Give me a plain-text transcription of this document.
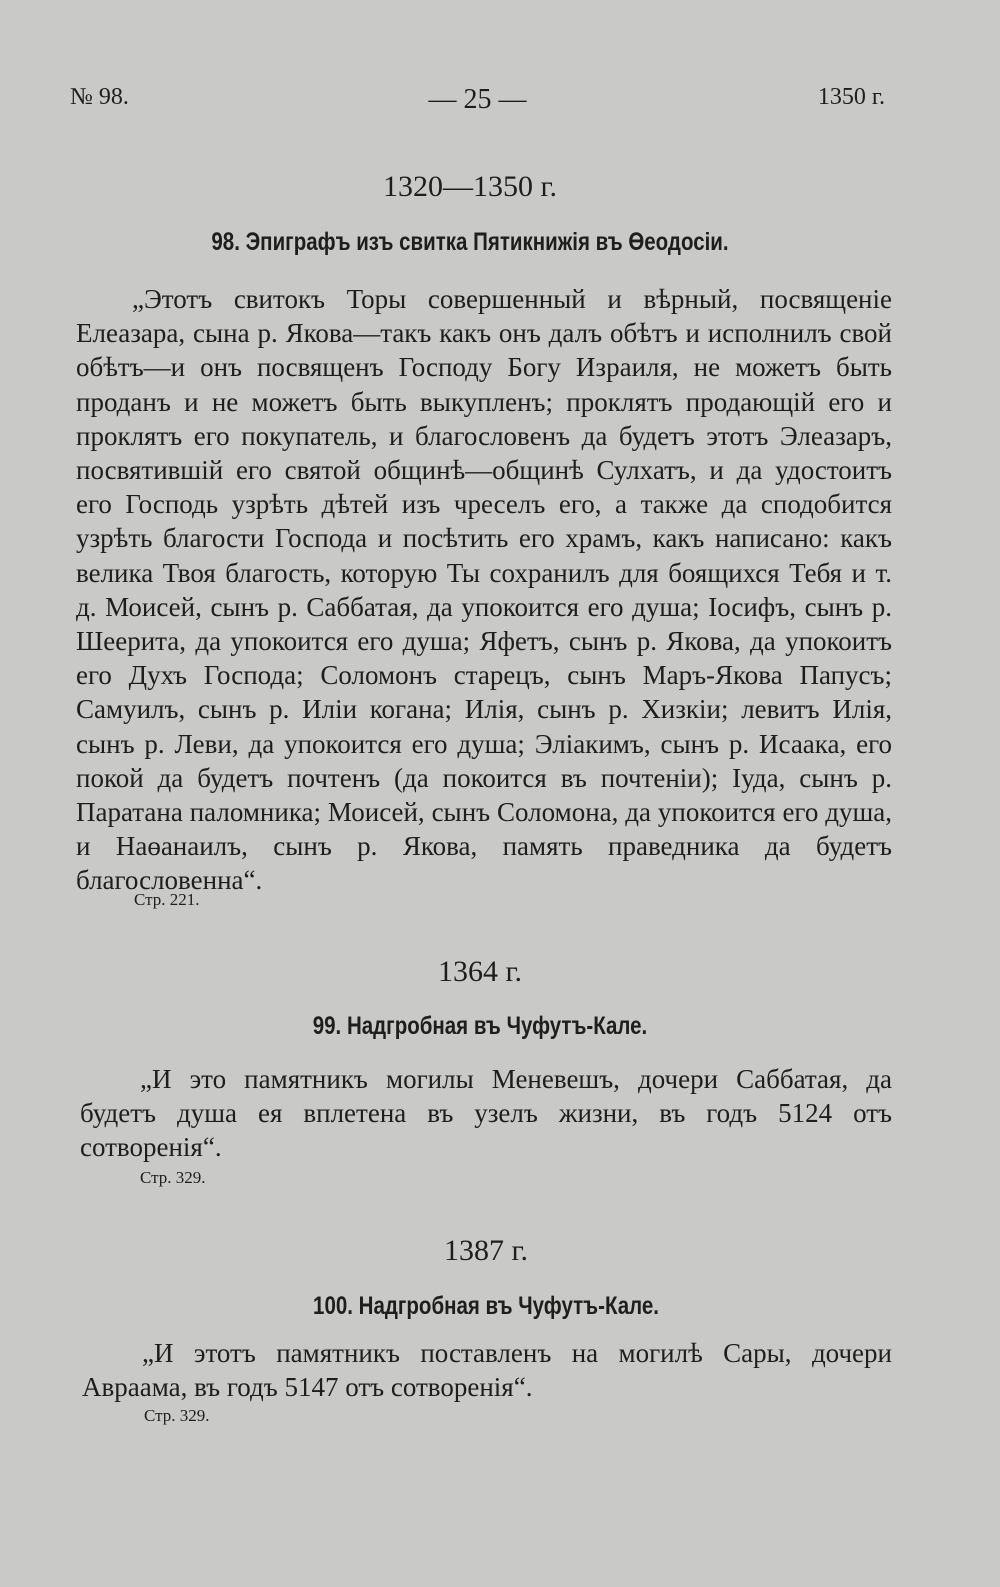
№ 98.	— 25 —	1350 г.
1320—1350 г.
98. Эпиграфъ изъ свитка Пятикнижія въ Өеодосіи.
„Этотъ свитокъ Торы совершенный и вѣрный, посвященіе Елеазара, сына р. Якова—такъ какъ онъ далъ обѣтъ и исполнилъ свой обѣтъ—и онъ посвященъ Господу Богу Израиля, не можетъ быть проданъ и не можетъ быть выкупленъ; проклятъ продающій его и проклятъ его покупатель, и благословенъ да будетъ этотъ Элеазаръ, посвятившій его святой общинѣ—общинѣ Сулхатъ, и да удостоитъ его Господь узрѣть дѣтей изъ чреселъ его, а также да сподобится узрѣть благости Господа и посѣтить его храмъ, какъ написано: какъ велика Твоя благость, которую Ты сохранилъ для боящихся Тебя и т. д. Моисей, сынъ р. Саббатая, да упокоится его душа; Іосифъ, сынъ р. Шеерита, да упокоится его душа; Яфетъ, сынъ р. Якова, да упокоитъ его Духъ Господа; Соломонъ старецъ, сынъ Маръ-Якова Папусъ; Самуилъ, сынъ р. Иліи когана; Илія, сынъ р. Хизкіи; левитъ Илія, сынъ р. Леви, да упокоится его душа; Эліакимъ, сынъ р. Исаака, его покой да будетъ почтенъ (да покоится въ почтеніи); Іуда, сынъ р. Паратана паломника; Моисей, сынъ Соломона, да упокоится его душа, и Наөанаилъ, сынъ р. Якова, память праведника да будетъ благословенна“.
Стр. 221.
1364 г.
99. Надгробная въ Чуфутъ-Кале.
„И это памятникъ могилы Меневешъ, дочери Саббатая, да будетъ душа ея вплетена въ узелъ жизни, въ годъ 5124 отъ сотворенія“.
Стр. 329.
1387 г.
100. Надгробная въ Чуфутъ-Кале.
„И этотъ памятникъ поставленъ на могилѣ Сары, дочери Авраама, въ годъ 5147 отъ сотворенія“.
Стр. 329.
